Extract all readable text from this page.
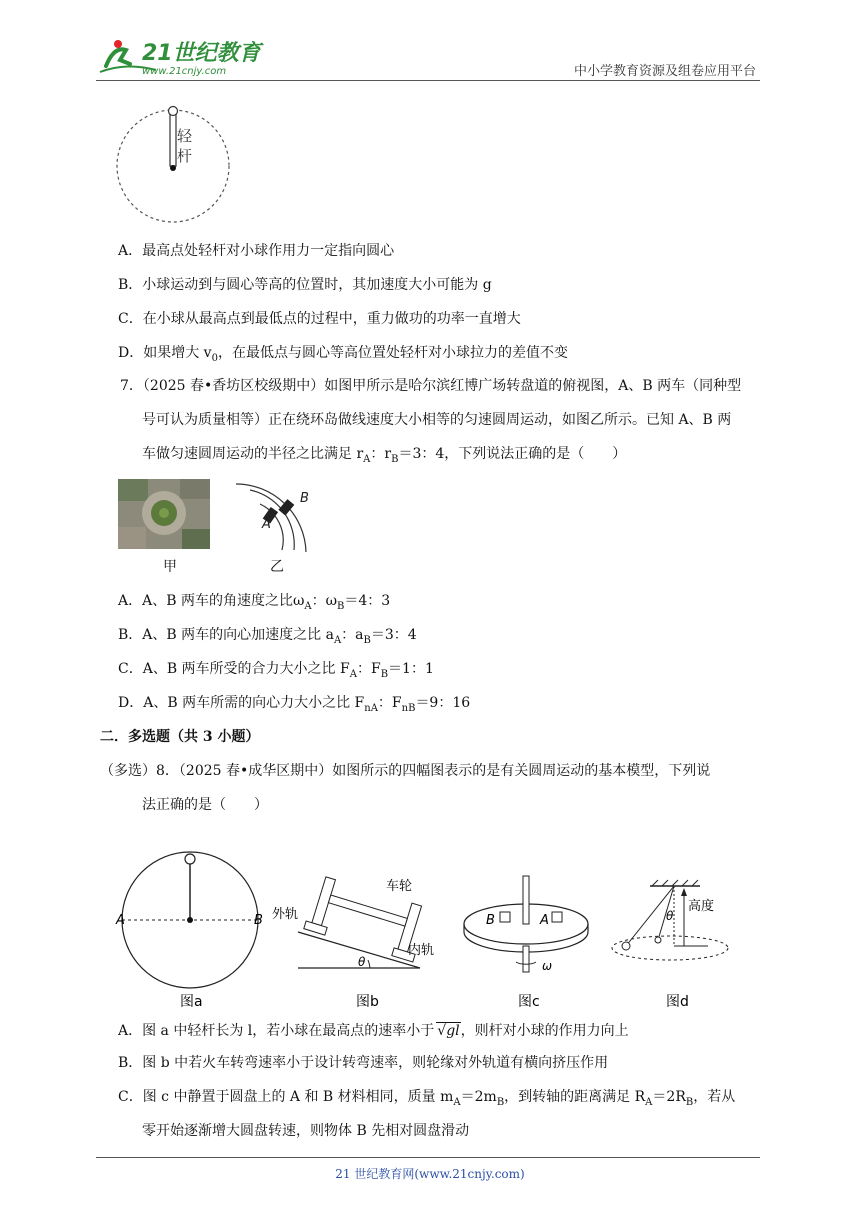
21世纪教育
www.21cnjy.com	中小学教育资源及组卷应用平台
轻杆
A．最高点处轻杆对小球作用力一定指向圆心
B．小球运动到与圆心等高的位置时，其加速度大小可能为 g
C．在小球从最高点到最低点的过程中，重力做功的功率一直增大
D．如果增大 $v_0$，在最低点与圆心等高位置处轻杆对小球拉力的差值不变
7．（2025 春•香坊区校级期中）如图甲所示是哈尔滨红博广场转盘道的俯视图，A、B 两车（同种型
号可认为质量相等）正在绕环岛做线速度大小相等的匀速圆周运动，如图乙所示。已知 A、B 两
车做匀速圆周运动的半径之比满足 $r_A$：$r_B=3$：4，下列说法正确的是（　　）
甲
B
A
乙
A．A、B 两车的角速度之比$\omega_A$：$\omega_B=4$：3
B．A、B 两车的向心加速度之比 $a_A$：$a_B=3$：4
C．A、B 两车所受的合力大小之比 $F_A$：$F_B=1$：1
D．A、B 两车所需的向心力大小之比 $F_{nA}$：$F_{nB}=9$：16
二．多选题（共 3 小题）
（多选）8．（2025 春•成华区期中）如图所示的四幅图表示的是有关圆周运动的基本模型，下列说
法正确的是（　　）
A	B
图a
θ
车轮
外轨
内轨
图b
B	A
ω
图c
高度
θ
图d
A．图 a 中轻杆长为 l，若小球在最高点的速率小于 √gl，则杆对小球的作用力向上
B．图 b 中若火车转弯速率小于设计转弯速率，则轮缘对外轨道有横向挤压作用
C．图 c 中静置于圆盘上的 A 和 B 材料相同，质量 $m_A=2m_B$，到转轴的距离满足 $R_A=2R_B$，若从
零开始逐渐增大圆盘转速，则物体 B 先相对圆盘滑动
21 世纪教育网(www.21cnjy.com)
